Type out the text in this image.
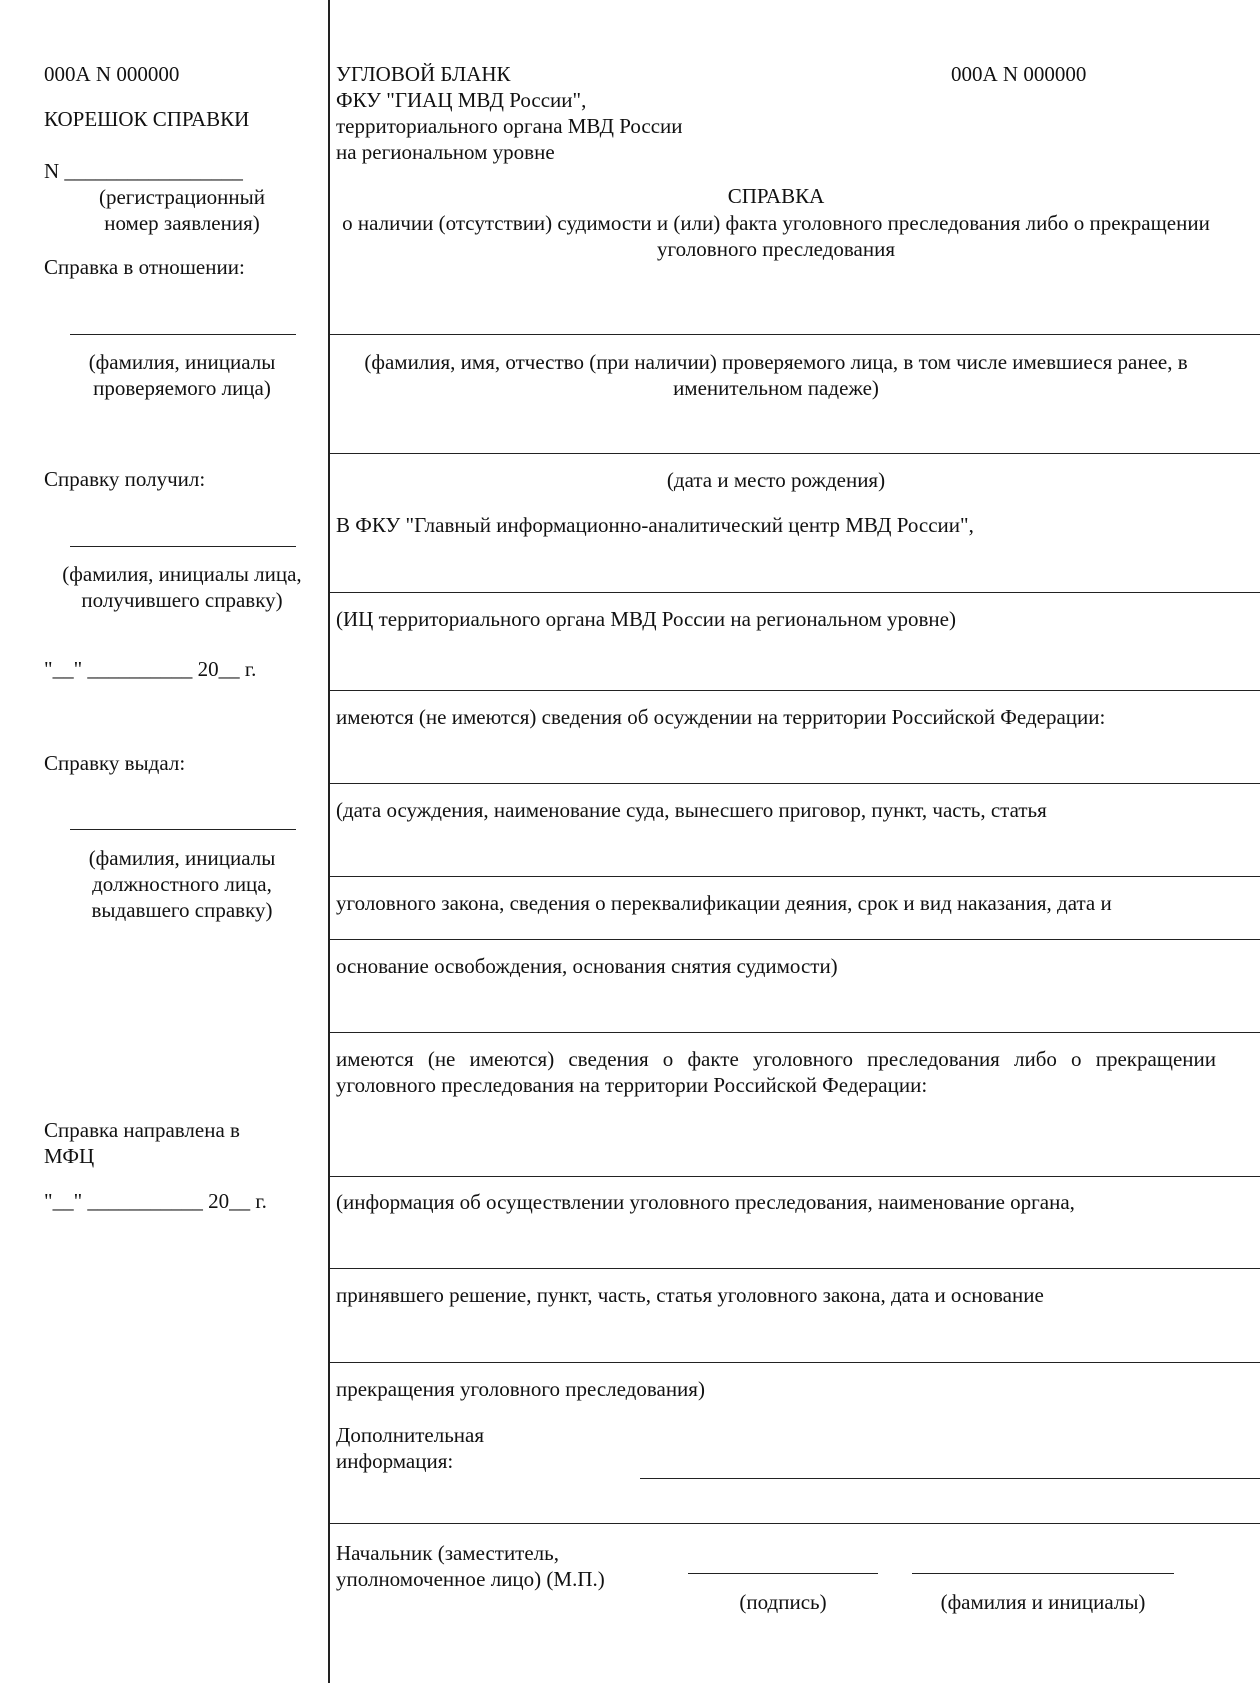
000А N 000000
КОРЕШОК СПРАВКИ
N _________________
(регистрационный номер заявления)
Справка в отношении:
(фамилия, инициалы проверяемого лица)
Справку получил:
(фамилия, инициалы лица, получившего справку)
"__" __________ 20__ г.
Справку выдал:
(фамилия, инициалы должностного лица, выдавшего справку)
Справка направлена в МФЦ
"__" ___________ 20__ г.
УГЛОВОЙ БЛАНК
ФКУ "ГИАЦ МВД России",
территориального органа МВД России
на региональном уровне
000А N 000000
СПРАВКА
о наличии (отсутствии) судимости и (или) факта уголовного преследования либо о прекращении уголовного преследования
(фамилия, имя, отчество (при наличии) проверяемого лица, в том числе имевшиеся ранее, в именительном падеже)
(дата и место рождения)
В ФКУ "Главный информационно-аналитический центр МВД России",
(ИЦ территориального органа МВД России на региональном уровне)
имеются (не имеются) сведения об осуждении на территории Российской Федерации:
(дата осуждения, наименование суда, вынесшего приговор, пункт, часть, статья
уголовного закона, сведения о переквалификации деяния, срок и вид наказания, дата и
основание освобождения, основания снятия судимости)
имеются (не имеются) сведения о факте уголовного преследования либо о прекращении уголовного преследования на территории Российской Федерации:
(информация об осуществлении уголовного преследования, наименование органа,
принявшего решение, пункт, часть, статья уголовного закона, дата и основание
прекращения уголовного преследования)
Дополнительная информация:
Начальник (заместитель, уполномоченное лицо) (М.П.)
(подпись)	(фамилия и инициалы)
